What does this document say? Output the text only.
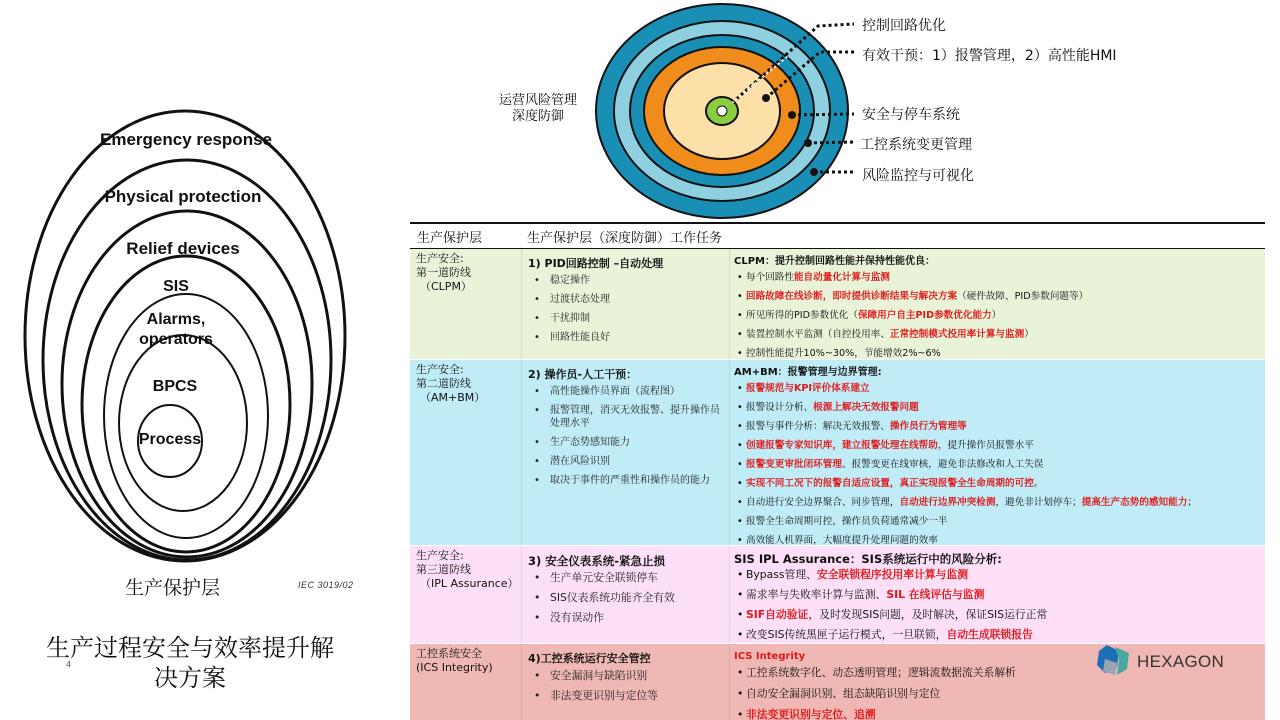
Emergency response
Physical protection
Relief devices
SIS
Alarms,
operators
BPCS
Process
生产保护层	IEC 3019/02
生产过程安全与效率提升解决方案
4
运营风险管理
深度防御
控制回路优化
有效干预：1）报警管理，2）高性能HMI
安全与停车系统
工控系统变更管理
风险监控与可视化
生产保护层	生产保护层（深度防御）工作任务
生产安全:
第一道防线
（CLPM）
1) PID回路控制 –自动处理
• 稳定操作
• 过渡状态处理
• 干扰抑制
• 回路性能良好
CLPM：提升控制回路性能并保持性能优良：
• 每个回路性能自动量化计算与监测
• 回路故障在线诊断，即时提供诊断结果与解决方案（硬件故障、PID参数问题等）
• 所见所得的PID参数优化（保障用户自主PID参数优化能力）
• 装置控制水平监测（自控投用率、正常控制模式投用率计算与监测）
• 控制性能提升10%~30%，节能增效2%~6%
生产安全:
第二道防线
（AM+BM）
2) 操作员-人工干预：
• 高性能操作员界面（流程图）
• 报警管理，消灭无效报警、提升操作员处理水平
• 生产态势感知能力
• 潜在风险识别
• 取决于事件的严重性和操作员的能力
AM+BM：报警管理与边界管理:
• 报警规范与KPI评价体系建立
• 报警设计分析、根源上解决无效报警问题
• 报警与事件分析：解决无效报警、操作员行为管理等
• 创建报警专家知识库，建立报警处理在线帮助，提升操作员报警水平
• 报警变更审批闭环管理、报警变更在线审核，避免非法修改和人工失误
• 实现不同工况下的报警自适应设置，真正实现报警全生命周期的可控。
• 自动进行安全边界聚合、同步管理，自动进行边界冲突检测，避免非计划停车；提高生产态势的感知能力；
• 报警全生命周期可控，操作员负荷通常减少一半
• 高效能人机界面，大幅度提升处理问题的效率
生产安全:
第三道防线
（IPL Assurance）
3) 安全仪表系统-紧急止损
• 生产单元安全联锁停车
• SIS仪表系统功能齐全有效
• 没有误动作
SIS IPL Assurance：SIS系统运行中的风险分析:
• Bypass管理、安全联锁程序投用率计算与监测
• 需求率与失败率计算与监测、SIL 在线评估与监测
• SIF自动验证，及时发现SIS问题，及时解决，保证SIS运行正常
• 改变SIS传统黑匣子运行模式，一旦联锁，自动生成联锁报告
工控系统安全
(ICS Integrity)
4)工控系统运行安全管控
• 安全漏洞与缺陷识别
• 非法变更识别与定位等
ICS Integrity
• 工控系统数字化、动态透明管理；逻辑流数据流关系解析
• 自动安全漏洞识别、组态缺陷识别与定位
• 非法变更识别与定位、追溯
HEXAGON
